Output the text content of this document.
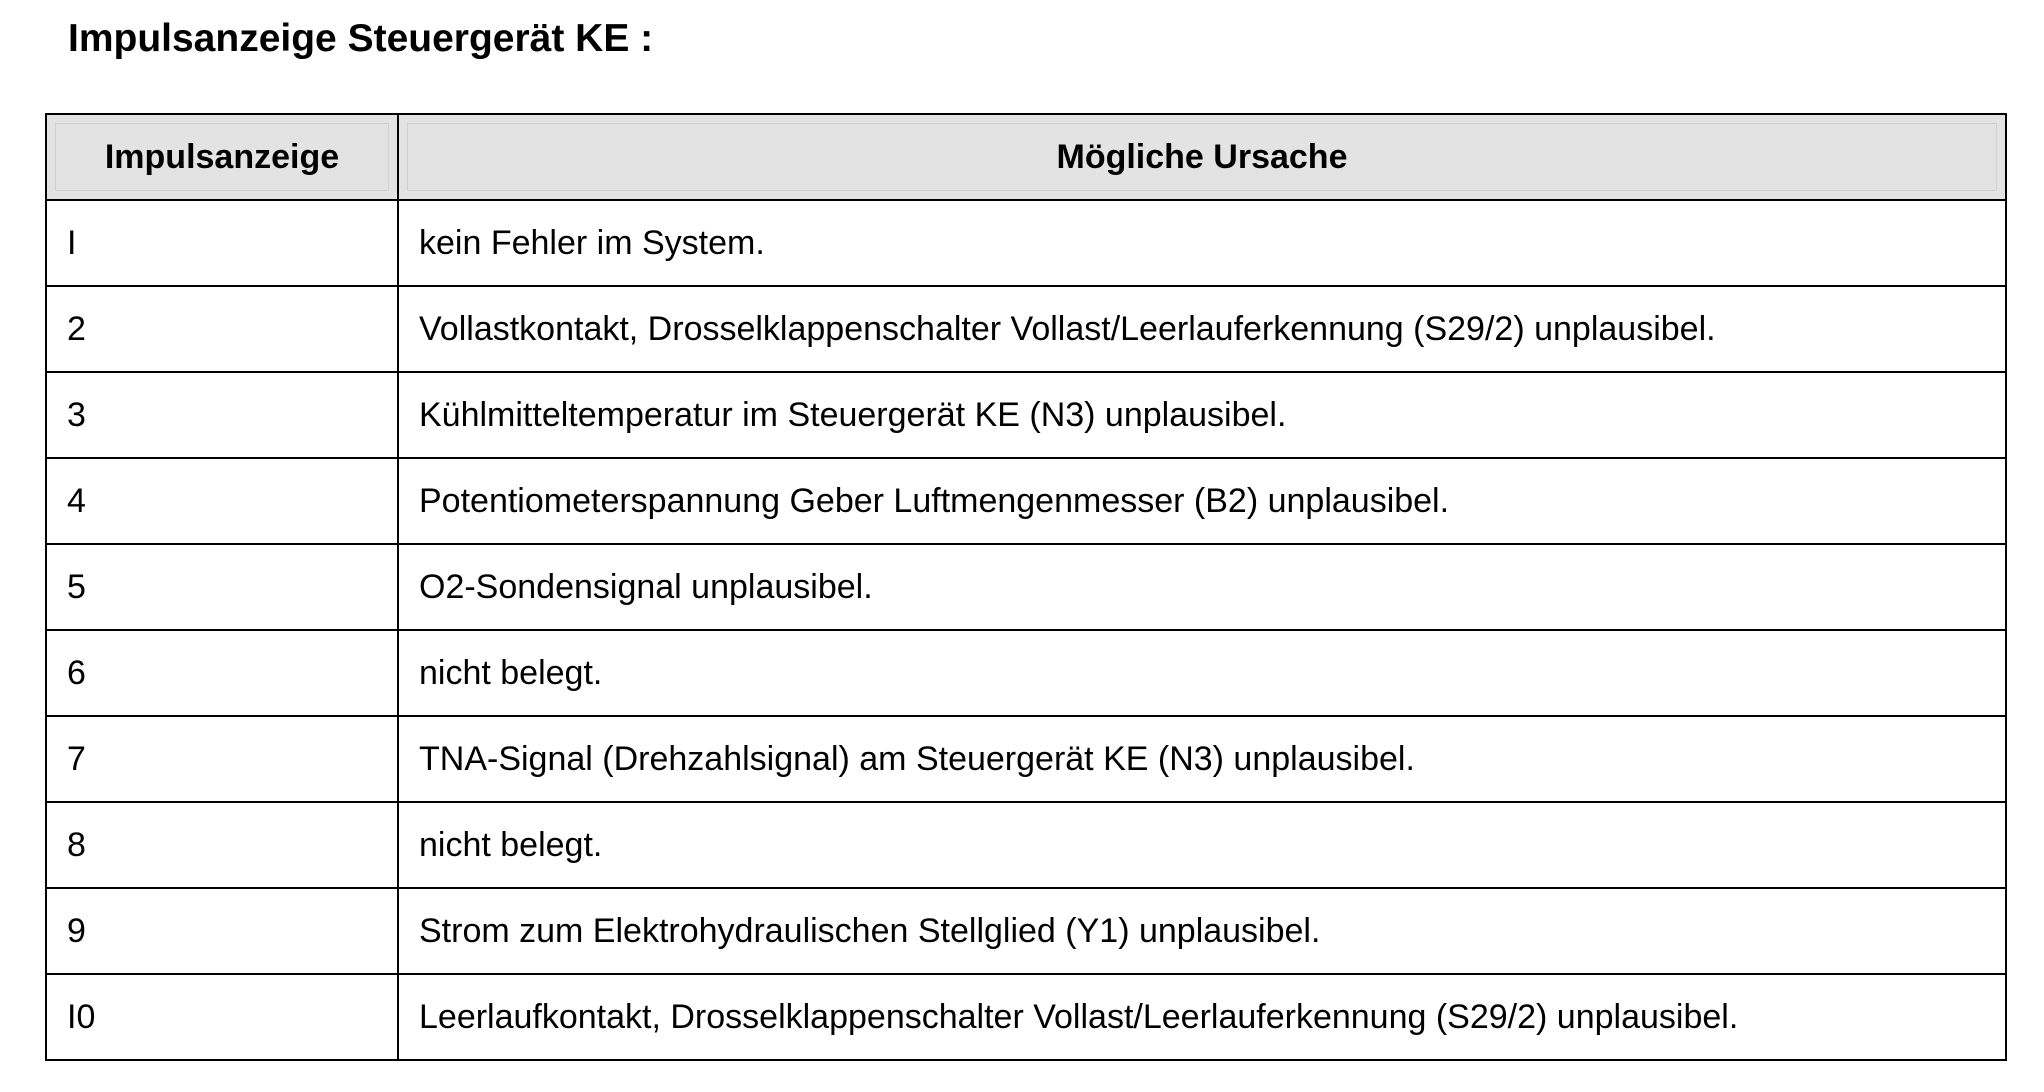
Impulsanzeige Steuergerät KE :
Impulsanzeige	Mögliche Ursache

I	kein Fehler im System.
2	Vollastkontakt, Drosselklappenschalter Vollast/Leerlauferkennung (S29/2) unplausibel.
3	Kühlmitteltemperatur im Steuergerät KE (N3) unplausibel.
4	Potentiometerspannung Geber Luftmengenmesser (B2) unplausibel.
5	O2-Sondensignal unplausibel.
6	nicht belegt.
7	TNA-Signal (Drehzahlsignal) am Steuergerät KE (N3) unplausibel.
8	nicht belegt.
9	Strom zum Elektrohydraulischen Stellglied (Y1) unplausibel.
I0	Leerlaufkontakt, Drosselklappenschalter Vollast/Leerlauferkennung (S29/2) unplausibel.
